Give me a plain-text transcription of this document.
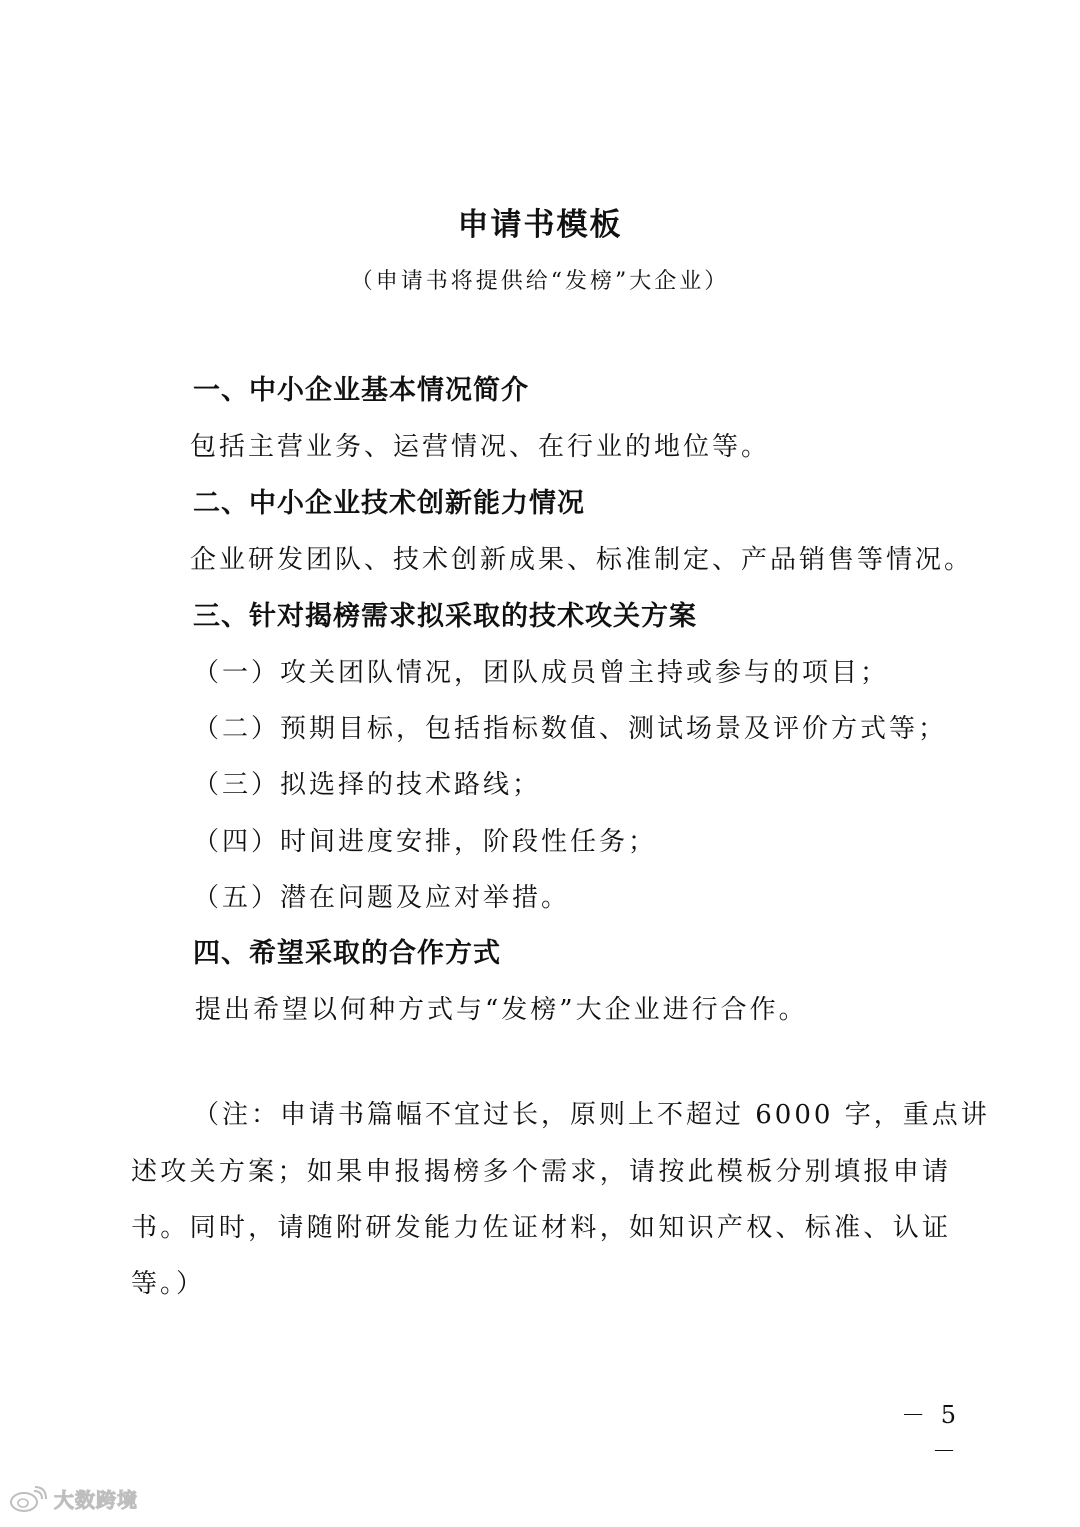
申请书模板
（申请书将提供给“发榜”大企业）
一、中小企业基本情况简介
包括主营业务、运营情况、在行业的地位等。
二、中小企业技术创新能力情况
企业研发团队、技术创新成果、标准制定、产品销售等情况。
三、针对揭榜需求拟采取的技术攻关方案
（一）攻关团队情况，团队成员曾主持或参与的项目；
（二）预期目标，包括指标数值、测试场景及评价方式等；
（三）拟选择的技术路线；
（四）时间进度安排，阶段性任务；
（五）潜在问题及应对举措。
四、希望采取的合作方式
提出希望以何种方式与“发榜”大企业进行合作。
（注：申请书篇幅不宜过长，原则上不超过 6000 字，重点讲
述攻关方案；如果申报揭榜多个需求，请按此模板分别填报申请
书。同时，请随附研发能力佐证材料，如知识产权、标准、认证
等。）
－ 5 －
大数跨境
